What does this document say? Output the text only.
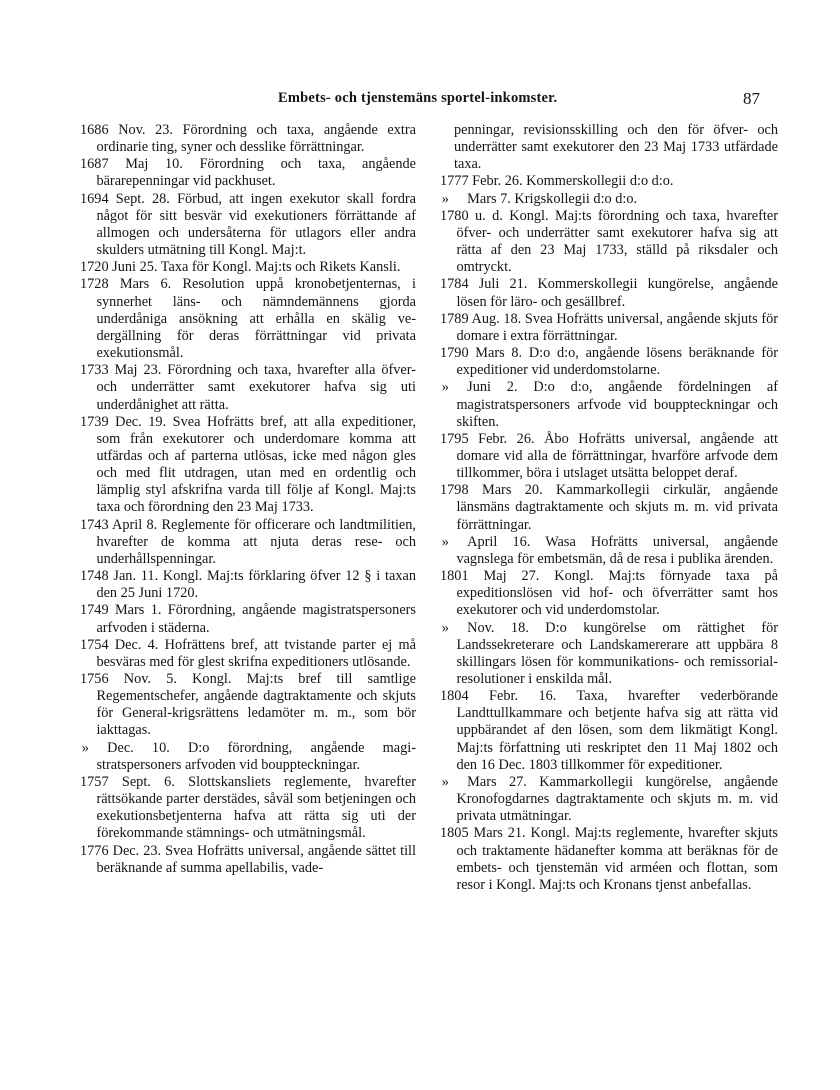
Embets- och tjenstemäns sportel-inkomster.	87
1686 Nov. 23. Förordning och taxa, angående extra ordinarie ting, syner och desslike förrättningar.
1687 Maj 10. Förordning och taxa, angående bärarepenningar vid packhuset.
1694 Sept. 28. Förbud, att ingen exekutor skall fordra något för sitt besvär vid exekutioners förrättande af allmogen och undersåterna för utlagors eller andra skulders utmätning till Kongl. Maj:t.
1720 Juni 25. Taxa för Kongl. Maj:ts och Rikets Kansli.
1728 Mars 6. Resolution uppå kronobetjenternas, i synnerhet läns- och nämndemännens gjorda underdåniga ansökning att erhålla en skälig vedergällning för deras förrättningar vid privata exekutionsmål.
1733 Maj 23. Förordning och taxa, hvarefter alla öfver- och underrätter samt exekutorer hafva sig uti underdånighet att rätta.
1739 Dec. 19. Svea Hofrätts bref, att alla expeditioner, som från exekutorer och underdomare komma att utfärdas och af parterna utlösas, icke med någon gles och med flit utdragen, utan med en ordentlig och lämplig styl afskrifna varda till följe af Kongl. Maj:ts taxa och förordning den 23 Maj 1733.
1743 April 8. Reglemente för officerare och landtmilitien, hvarefter de komma att njuta deras rese- och underhållspenningar.
1748 Jan. 11. Kongl. Maj:ts förklaring öfver 12 § i taxan den 25 Juni 1720.
1749 Mars 1. Förordning, angående magistratspersoners arfvoden i städerna.
1754 Dec. 4. Hofrättens bref, att tvistande parter ej må besväras med för glest skrifna expeditioners utlösande.
1756 Nov. 5. Kongl. Maj:ts bref till samtlige Regementschefer, angående dagtraktamente och skjuts för General-krigsrättens ledamöter m. m., som bör iakttagas.
» Dec. 10. D:o förordning, angående magistratspersoners arfvoden vid bouppteckningar.
1757 Sept. 6. Slottskansliets reglemente, hvarefter rättsökande parter derstädes, såväl som betjeningen och exekutionsbetjenterna hafva att rätta sig uti der förekommande stämnings- och utmätningsmål.
1776 Dec. 23. Svea Hofrätts universal, angående sättet till beräknande af summa apellabilis, vade-
penningar, revisionsskilling och den för öfver- och underrätter samt exekutorer den 23 Maj 1733 utfärdade taxa.
1777 Febr. 26. Kommerskollegii d:o d:o.
» Mars 7. Krigskollegii d:o d:o.
1780 u. d. Kongl. Maj:ts förordning och taxa, hvarefter öfver- och underrätter samt exekutorer hafva sig att rätta af den 23 Maj 1733, ställd på riksdaler och omtryckt.
1784 Juli 21. Kommerskollegii kungörelse, angående lösen för läro- och gesällbref.
1789 Aug. 18. Svea Hofrätts universal, angående skjuts för domare i extra förrättningar.
1790 Mars 8. D:o d:o, angående lösens beräknande för expeditioner vid underdomstolarne.
» Juni 2. D:o d:o, angående fördelningen af magistratspersoners arfvode vid bouppteckningar och skiften.
1795 Febr. 26. Åbo Hofrätts universal, angående att domare vid alla de förrättningar, hvarföre arfvode dem tillkommer, böra i utslaget utsätta beloppet deraf.
1798 Mars 20. Kammarkollegii cirkulär, angående länsmäns dagtraktamente och skjuts m. m. vid privata förrättningar.
» April 16. Wasa Hofrätts universal, angående vagnslega för embetsmän, då de resa i publika ärenden.
1801 Maj 27. Kongl. Maj:ts förnyade taxa på expeditionslösen vid hof- och öfverrätter samt hos exekutorer och vid underdomstolar.
» Nov. 18. D:o kungörelse om rättighet för Landssekreterare och Landskamererare att uppbära 8 skillingars lösen för kommunikations- och remissorial-resolutioner i enskilda mål.
1804 Febr. 16. Taxa, hvarefter vederbörande Landttullkammare och betjente hafva sig att rätta vid uppbärandet af den lösen, som dem likmätigt Kongl. Maj:ts författning uti reskriptet den 11 Maj 1802 och den 16 Dec. 1803 tillkommer för expeditioner.
» Mars 27. Kammarkollegii kungörelse, angående Kronofogdarnes dagtraktamente och skjuts m. m. vid privata utmätningar.
1805 Mars 21. Kongl. Maj:ts reglemente, hvarefter skjuts och traktamente hädanefter komma att beräknas för de embets- och tjenstemän vid arméen och flottan, som resor i Kongl. Maj:ts och Kronans tjenst anbefallas.
